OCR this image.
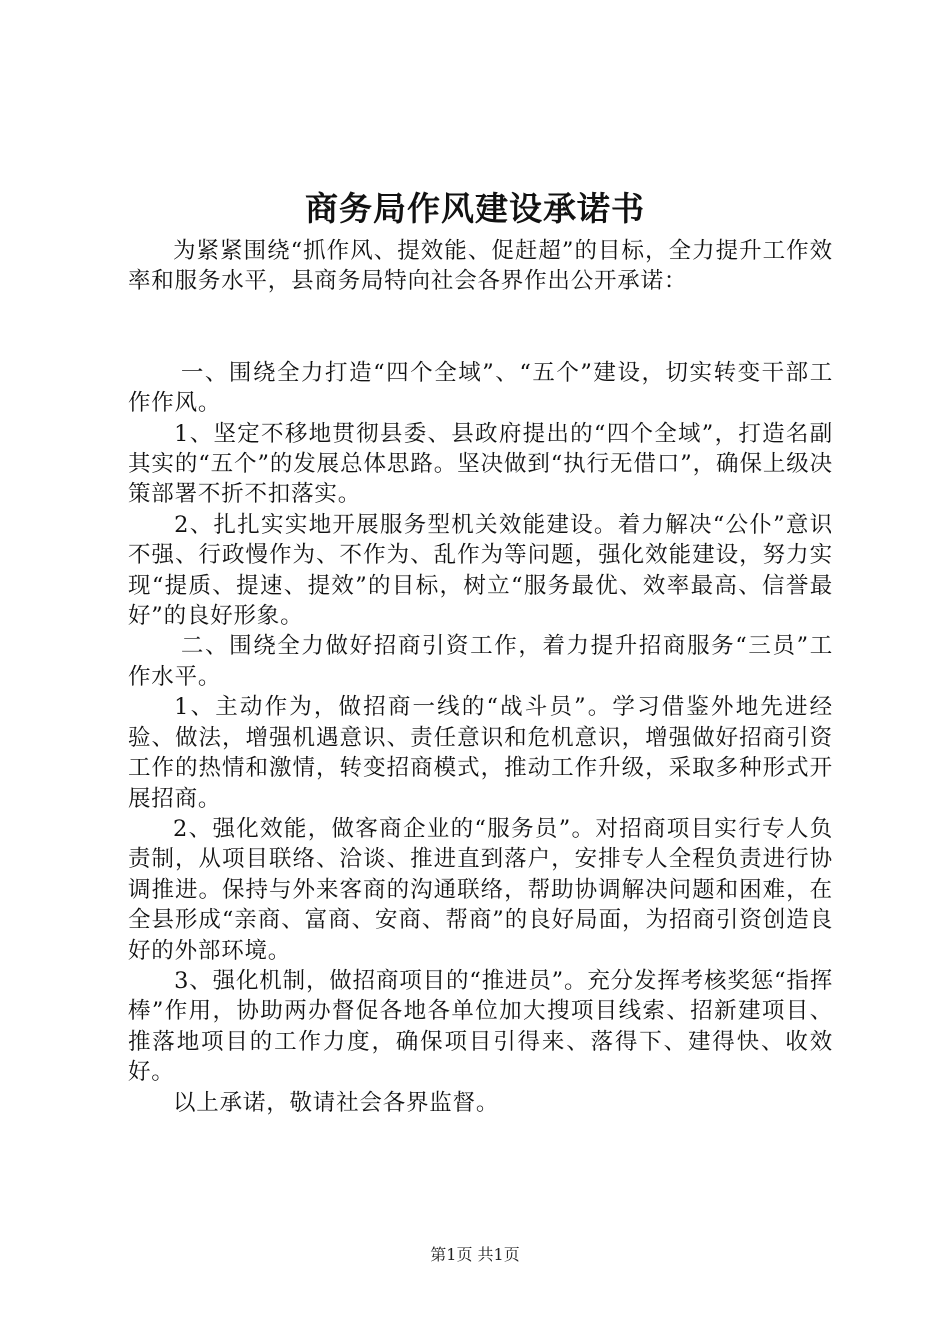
商务局作风建设承诺书

为紧紧围绕“抓作风、提效能、促赶超”的目标，全力提升工作效率和服务水平，县商务局特向社会各界作出公开承诺：

一、围绕全力打造“四个全域”、“五个”建设，切实转变干部工作作风。

1、坚定不移地贯彻县委、县政府提出的“四个全域”，打造名副其实的“五个”的发展总体思路。坚决做到“执行无借口”，确保上级决策部署不折不扣落实。

2、扎扎实实地开展服务型机关效能建设。着力解决“公仆”意识不强、行政慢作为、不作为、乱作为等问题，强化效能建设，努力实现“提质、提速、提效”的目标，树立“服务最优、效率最高、信誉最好”的良好形象。

二、围绕全力做好招商引资工作，着力提升招商服务“三员”工作水平。

1、主动作为，做招商一线的“战斗员”。学习借鉴外地先进经验、做法，增强机遇意识、责任意识和危机意识，增强做好招商引资工作的热情和激情，转变招商模式，推动工作升级，采取多种形式开展招商。

2、强化效能，做客商企业的“服务员”。对招商项目实行专人负责制，从项目联络、洽谈、推进直到落户，安排专人全程负责进行协调推进。保持与外来客商的沟通联络，帮助协调解决问题和困难，在全县形成“亲商、富商、安商、帮商”的良好局面，为招商引资创造良好的外部环境。

3、强化机制，做招商项目的“推进员”。充分发挥考核奖惩“指挥棒”作用，协助两办督促各地各单位加大搜项目线索、招新建项目、推落地项目的工作力度，确保项目引得来、落得下、建得快、收效好。

以上承诺，敬请社会各界监督。

第1页 共1页
